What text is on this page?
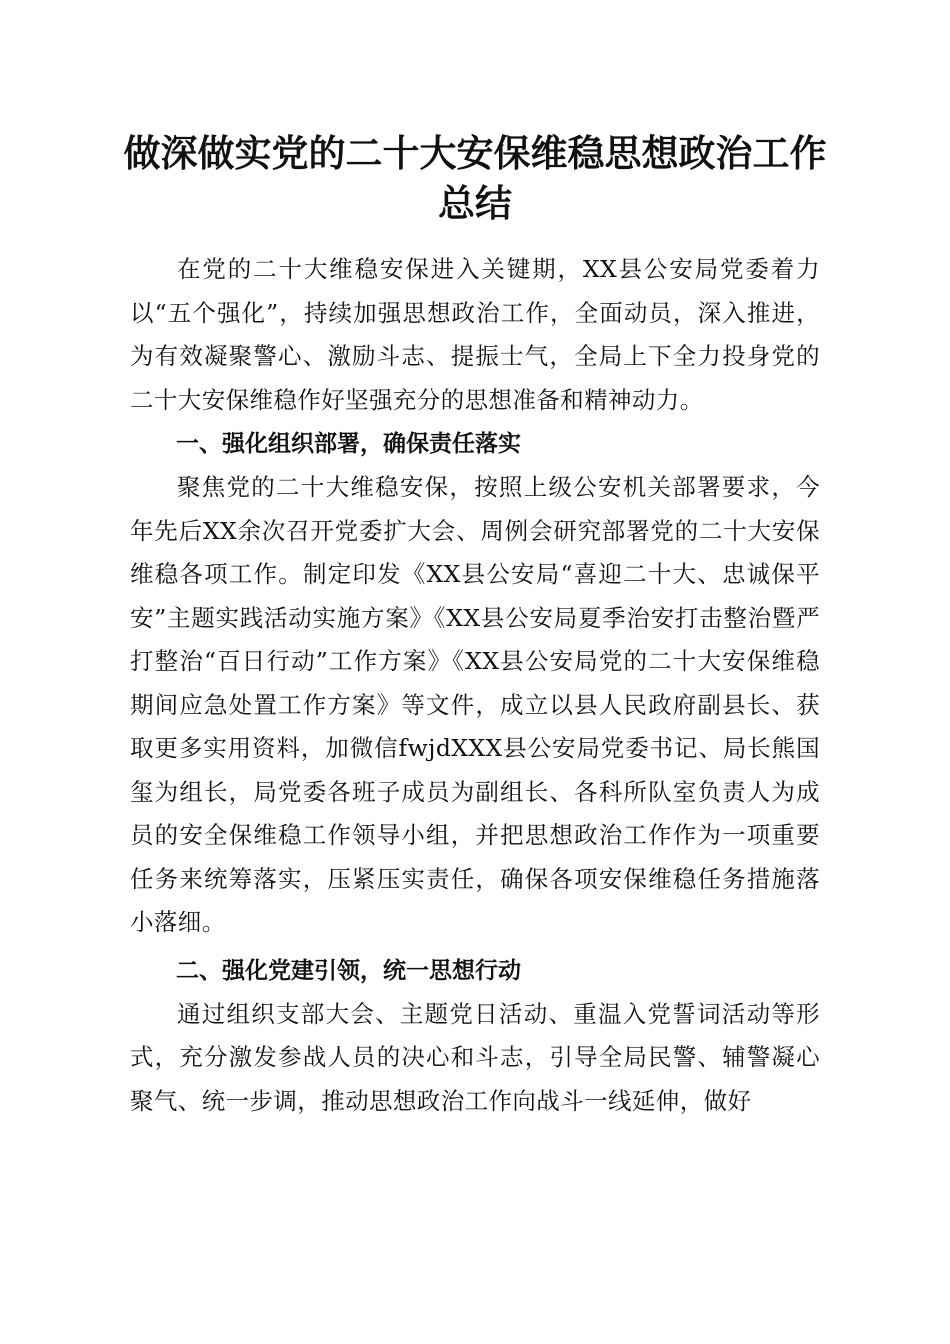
做深做实党的二十大安保维稳思想政治工作总结

在党的二十大维稳安保进入关键期，XX县公安局党委着力以“五个强化”，持续加强思想政治工作，全面动员，深入推进，为有效凝聚警心、激励斗志、提振士气，全局上下全力投身党的二十大安保维稳作好坚强充分的思想准备和精神动力。

一、强化组织部署，确保责任落实

聚焦党的二十大维稳安保，按照上级公安机关部署要求，今年先后XX余次召开党委扩大会、周例会研究部署党的二十大安保维稳各项工作。制定印发《XX县公安局“喜迎二十大、忠诚保平安”主题实践活动实施方案》《XX县公安局夏季治安打击整治暨严打整治“百日行动”工作方案》《XX县公安局党的二十大安保维稳期间应急处置工作方案》等文件，成立以县人民政府副县长、获取更多实用资料，加微信fwjdXXX县公安局党委书记、局长熊国玺为组长，局党委各班子成员为副组长、各科所队室负责人为成员的安全保维稳工作领导小组，并把思想政治工作作为一项重要任务来统筹落实，压紧压实责任，确保各项安保维稳任务措施落小落细。

二、强化党建引领，统一思想行动

通过组织支部大会、主题党日活动、重温入党誓词活动等形式，充分激发参战人员的决心和斗志，引导全局民警、辅警凝心聚气、统一步调，推动思想政治工作向战斗一线延伸，做好
